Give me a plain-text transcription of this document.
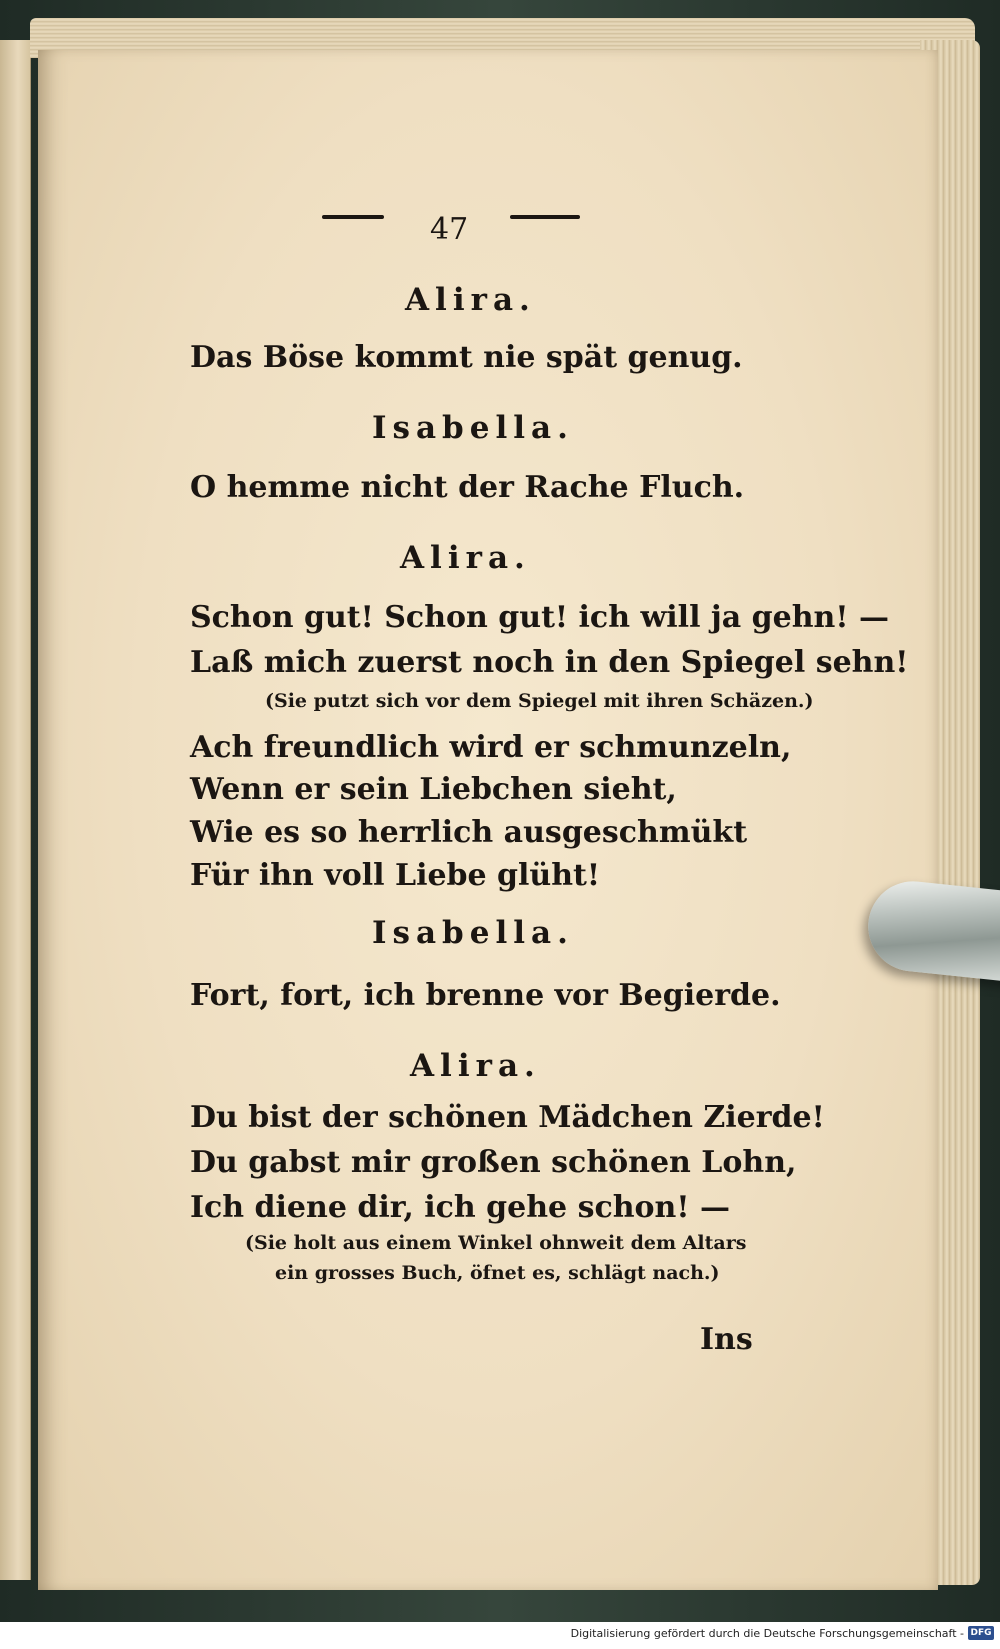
47
Alira.
Das Böse kommt nie spät genug.
Isabella.
O hemme nicht der Rache Fluch.
Alira.
Schon gut! Schon gut! ich will ja gehn! —
Laß mich zuerst noch in den Spiegel sehn!
(Sie putzt sich vor dem Spiegel mit ihren Schäzen.)
Ach freundlich wird er schmunzeln,
Wenn er sein Liebchen sieht,
Wie es so herrlich ausgeschmükt
Für ihn voll Liebe glüht!
Isabella.
Fort, fort, ich brenne vor Begierde.
Alira.
Du bist der schönen Mädchen Zierde!
Du gabst mir großen schönen Lohn,
Ich diene dir, ich gehe schon! —
(Sie holt aus einem Winkel ohnweit dem Altars
ein grosses Buch, öfnet es, schlägt nach.)
Ins
Digitalisierung gefördert durch die Deutsche Forschungsgemeinschaft - DFG
